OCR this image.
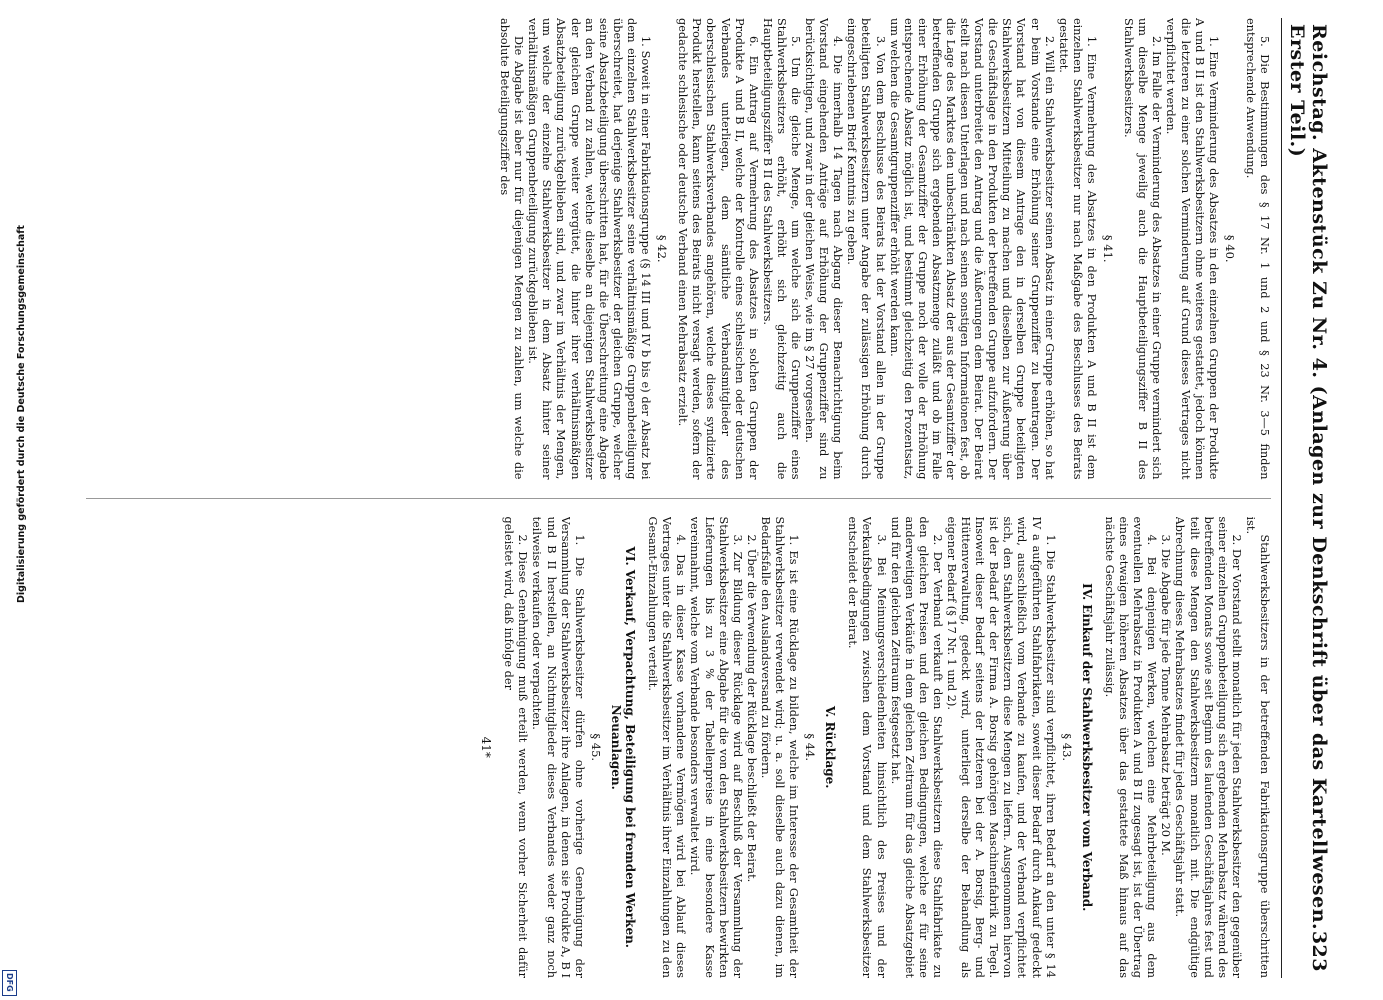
Digitalisierung gefördert durch die Deutsche Forschungsgemeinschaft
DFG
Reichstag. Aktenstück Zu Nr. 4. (Anlagen zur Denkschrift über das Kartellwesen. Erster Teil.)
323

5. Die Bestimmungen des § 17 Nr. 1 und 2 und § 23 Nr. 3—5 finden entsprechende Anwendung.

§ 40.

1. Eine Verminderung des Absatzes in den einzelnen Gruppen der Produkte A und B II ist den Stahlwerksbesitzern ohne weiteres gestattet, jedoch können die letzteren zu einer solchen Verminderung auf Grund dieses Vertrages nicht verpflichtet werden.

2. Im Falle der Verminderung des Absatzes in einer Gruppe vermindert sich um dieselbe Menge jeweilig auch die Hauptbeteiligungsziffer B II des Stahlwerksbesitzers.

§ 41.

1. Eine Vermehrung des Absatzes in den Produkten A und B II ist dem einzelnen Stahlwerksbesitzer nur nach Maßgabe des Beschlusses des Beirats gestattet.

2. Will ein Stahlwerksbesitzer seinen Absatz in einer Gruppe erhöhen, so hat er beim Vorstande eine Erhöhung seiner Gruppenziffer zu beantragen. Der Vorstand hat von diesem Antrage den in derselben Gruppe beteiligten Stahlwerksbesitzern Mitteilung zu machen und dieselben zur Äußerung über die Geschäftslage in den Produkten der betreffenden Gruppe aufzufordern. Der Vorstand unterbreitet den Antrag und die Äußerungen dem Beirat. Der Beirat stellt nach diesen Unterlagen und nach seinen sonstigen Informationen fest, ob die Lage des Marktes den unbeschränkten Absatz der aus der Gesamtziffer der betreffenden Gruppe sich ergebenden Absatzmenge zuläßt und ob im Falle einer Erhöhung der Gesamtziffer der Gruppe noch der volle der Erhöhung entsprechende Absatz möglich ist, und bestimmt gleichzeitig den Prozentsatz, um welchen die Gesamtgruppenziffer erhöht werden kann.

3. Von dem Beschlusse des Beirats hat der Vorstand allen in der Gruppe beteiligten Stahlwerksbesitzern unter Angabe der zulässigen Erhöhung durch eingeschriebenen Brief Kenntnis zu geben.

4. Die innerhalb 14 Tagen nach Abgang dieser Benachrichtigung beim Vorstand eingehenden Anträge auf Erhöhung der Gruppenziffer sind zu berücksichtigen, und zwar in der gleichen Weise, wie im § 27 vorgesehen.

5. Um die gleiche Menge, um welche sich die Gruppenziffer eines Stahlwerksbesitzers erhöht, erhöht sich gleichzeitig auch die Hauptbeteiligungsziffer B II des Stahlwerksbesitzers.

6. Ein Antrag auf Vermehrung des Absatzes in solchen Gruppen der Produkte A und B II, welche der Kontrolle eines schlesischen oder deutschen Verbandes unterliegen, dem sämtliche Verbandsmitglieder des oberschlesischen Stahlwerksverbandes angehören, welche dieses syndizierte Produkt herstellen, kann seitens des Beirats nicht versagt werden, sofern der gedachte schlesische oder deutsche Verband einen Mehrabsatz erzielt.

§ 42.

1. Soweit in einer Fabrikationsgruppe (§ 14 III und IV b bis e) der Absatz bei dem einzelnen Stahlwerksbesitzer seine verhältnismäßige Gruppenbeteiligung überschreitet, hat derjenige Stahlwerksbesitzer der gleichen Gruppe, welcher seine Absatzbeteiligung überschritten hat, für die Überschreitung eine Abgabe an den Verband zu zahlen, welche dieselbe an diejenigen Stahlwerksbesitzer der gleichen Gruppe weiter vergütet, die hinter ihrer verhältnismäßigen Absatzbeteiligung zurückgeblieben sind, und zwar im Verhältnis der Mengen, um welche der einzelne Stahlwerksbesitzer in dem Absatz hinter seiner verhältnismäßigen Gruppenbeteiligung zurückgeblieben ist.

Die Abgabe ist aber nur für diejenigen Mengen zu zahlen, um welche die absolute Beteiligungsziffer des

Stahlwerksbesitzers in der betreffenden Fabrikationsgruppe überschritten ist.

2. Der Vorstand stellt monatlich für jeden Stahlwerksbesitzer den gegenüber seiner einzelnen Gruppenbeteiligung sich ergebenden Mehrabsatz während des betreffenden Monats sowie seit Beginn des laufenden Geschäftsjahres fest und teilt diese Mengen den Stahlwerksbesitzern monatlich mit. Die endgültige Abrechnung dieses Mehrabsatzes findet für jedes Geschäftsjahr statt.

3. Die Abgabe für jede Tonne Mehrabsatz beträgt 20 M.

4. Bei denjenigen Werken, welchen eine Mehrbeteiligung aus dem eventuellen Mehrabsatz in Produkten A und B II zugesagt ist, ist der Übertrag eines etwaigen höheren Absatzes über das gestattete Maß hinaus auf das nächste Geschäftsjahr zulässig.

IV. Einkauf der Stahlwerksbesitzer vom Verband.
§ 43.

1. Die Stahlwerksbesitzer sind verpflichtet, ihren Bedarf an den unter § 14 IV a aufgeführten Stahlfabrikaten, soweit dieser Bedarf durch Ankauf gedeckt wird, ausschließlich vom Verbande zu kaufen, und der Verband verpflichtet sich, den Stahlwerksbesitzern diese Mengen zu liefern. Ausgenommen hiervon ist der Bedarf der der Firma A. Borsig gehörigen Maschinenfabrik zu Tegel. Insoweit dieser Bedarf seitens der letzteren bei der A. Borsig, Berg- und Hüttenverwaltung, gedeckt wird, unterliegt derselbe der Behandlung als eigener Bedarf (§ 17 Nr. 1 und 2).

2. Der Verband verkauft den Stahlwerksbesitzern diese Stahlfabrikate zu den gleichen Preisen und den gleichen Bedingungen, welche er für seine anderweitigen Verkäufe in dem gleichen Zeitraum für das gleiche Absatzgebiet und für den gleichen Zeitraum festgesetzt hat.

3. Bei Meinungsverschiedenheiten hinsichtlich des Preises und der Verkaufsbedingungen zwischen dem Vorstand und dem Stahlwerksbesitzer entscheidet der Beirat.

V. Rücklage.
§ 44.

1. Es ist eine Rücklage zu bilden, welche im Interesse der Gesamtheit der Stahlwerksbesitzer verwendet wird; u. a. soll dieselbe auch dazu dienen, im Bedarfsfalle den Auslandsversand zu fördern.

2. Über die Verwendung der Rücklage beschließt der Beirat.

3. Zur Bildung dieser Rücklage wird auf Beschluß der Versammlung der Stahlwerksbesitzer eine Abgabe für die von den Stahlwerksbesitzern bewirkten Lieferungen bis zu 3 % der Tabellenpreise in eine besondere Kasse vereinnahmt, welche vom Verbande besonders verwaltet wird.

4. Das in dieser Kasse vorhandene Vermögen wird bei Ablauf dieses Vertrages unter die Stahlwerksbesitzer im Verhältnis ihrer Einzahlungen zu den Gesamt-Einzahlungen verteilt.

VI. Verkauf, Verpachtung, Beteiligung bei fremden Werken. Neuanlagen.
§ 45.

1. Die Stahlwerksbesitzer dürfen ohne vorherige Genehmigung der Versammlung der Stahlwerksbesitzer ihre Anlagen, in denen sie Produkte A, B I und B II herstellen, an Nichtmitglieder dieses Verbandes weder ganz noch teilweise verkaufen oder verpachten.

2. Diese Genehmigung muß erteilt werden, wenn vorher Sicherheit dafür geleistet wird, daß infolge der

41*
